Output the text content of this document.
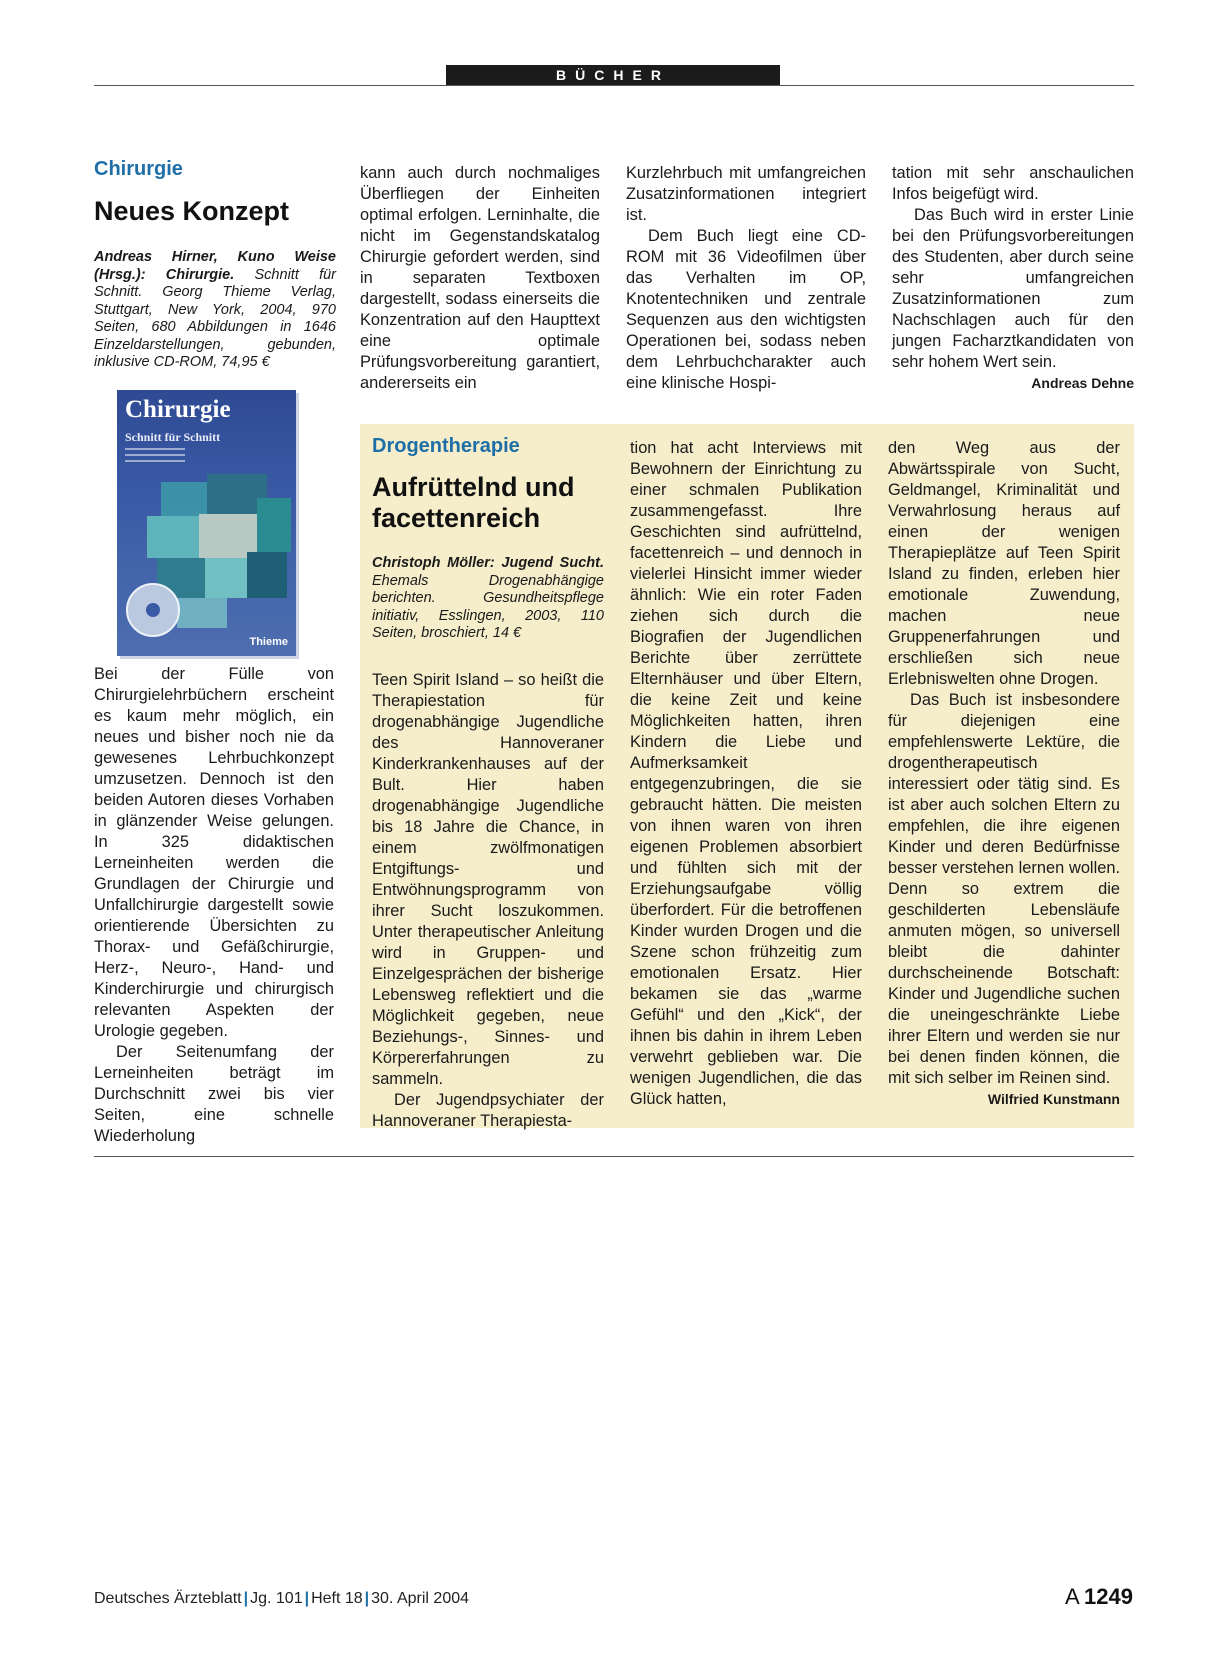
BÜCHER
Chirurgie
Neues Konzept
Andreas Hirner, Kuno Weise (Hrsg.): Chirurgie. Schnitt für Schnitt. Georg Thieme Verlag, Stuttgart, New York, 2004, 970 Seiten, 680 Abbildungen in 1646 Einzeldarstellungen, gebunden, inklusive CD-ROM, 74,95 €
Chirurgie
Schnitt für Schnitt
Thieme

Bei der Fülle von Chirurgielehrbüchern erscheint es kaum mehr möglich, ein neues und bisher noch nie da gewesenes Lehrbuchkonzept umzusetzen. Dennoch ist den beiden Autoren dieses Vorhaben in glänzender Weise gelungen. In 325 didaktischen Lerneinheiten werden die Grundlagen der Chirurgie und Unfallchirurgie dargestellt sowie orientierende Übersichten zu Thorax- und Gefäßchirurgie, Herz-, Neuro-, Hand- und Kinderchirurgie und chirurgisch relevanten Aspekten der Urologie gegeben.

Der Seitenumfang der Lerneinheiten beträgt im Durchschnitt zwei bis vier Seiten, eine schnelle Wiederholung

kann auch durch nochmaliges Überfliegen der Einheiten optimal erfolgen. Lerninhalte, die nicht im Gegenstandskatalog Chirurgie gefordert werden, sind in separaten Textboxen dargestellt, sodass einerseits die Konzentration auf den Haupttext eine optimale Prüfungsvorbereitung garantiert, andererseits ein

Kurzlehrbuch mit umfangreichen Zusatzinformationen integriert ist.

Dem Buch liegt eine CD-ROM mit 36 Videofilmen über das Verhalten im OP, Knotentechniken und zentrale Sequenzen aus den wichtigsten Operationen bei, sodass neben dem Lehrbuchcharakter auch eine klinische Hospi-

tation mit sehr anschaulichen Infos beigefügt wird.

Das Buch wird in erster Linie bei den Prüfungsvorbereitungen des Studenten, aber durch seine sehr umfangreichen Zusatzinformationen zum Nachschlagen auch für den jungen Facharztkandidaten von sehr hohem Wert sein.
Andreas Dehne

Drogentherapie
Aufrüttelnd und facettenreich
Christoph Möller: Jugend Sucht. Ehemals Drogenabhängige berichten. Gesundheitspflege initiativ, Esslingen, 2003, 110 Seiten, broschiert, 14 €

Teen Spirit Island – so heißt die Therapiestation für drogenabhängige Jugendliche des Hannoveraner Kinderkrankenhauses auf der Bult. Hier haben drogenabhängige Jugendliche bis 18 Jahre die Chance, in einem zwölfmonatigen Entgiftungs- und Entwöhnungsprogramm von ihrer Sucht loszukommen. Unter therapeutischer Anleitung wird in Gruppen- und Einzelgesprächen der bisherige Lebensweg reflektiert und die Möglichkeit gegeben, neue Beziehungs-, Sinnes- und Körpererfahrungen zu sammeln.

Der Jugendpsychiater der Hannoveraner Therapiesta-

tion hat acht Interviews mit Bewohnern der Einrichtung zu einer schmalen Publikation zusammengefasst. Ihre Geschichten sind aufrüttelnd, facettenreich – und dennoch in vielerlei Hinsicht immer wieder ähnlich: Wie ein roter Faden ziehen sich durch die Biografien der Jugendlichen Berichte über zerrüttete Elternhäuser und über Eltern, die keine Zeit und keine Möglichkeiten hatten, ihren Kindern die Liebe und Aufmerksamkeit entgegenzubringen, die sie gebraucht hätten. Die meisten von ihnen waren von ihren eigenen Problemen absorbiert und fühlten sich mit der Erziehungsaufgabe völlig überfordert. Für die betroffenen Kinder wurden Drogen und die Szene schon frühzeitig zum emotionalen Ersatz. Hier bekamen sie das „warme Gefühl“ und den „Kick“, der ihnen bis dahin in ihrem Leben verwehrt geblieben war. Die wenigen Jugendlichen, die das Glück hatten,

den Weg aus der Abwärtsspirale von Sucht, Geldmangel, Kriminalität und Verwahrlosung heraus auf einen der wenigen Therapieplätze auf Teen Spirit Island zu finden, erleben hier emotionale Zuwendung, machen neue Gruppenerfahrungen und erschließen sich neue Erlebniswelten ohne Drogen.

Das Buch ist insbesondere für diejenigen eine empfehlenswerte Lektüre, die drogentherapeutisch interessiert oder tätig sind. Es ist aber auch solchen Eltern zu empfehlen, die ihre eigenen Kinder und deren Bedürfnisse besser verstehen lernen wollen. Denn so extrem die geschilderten Lebensläufe anmuten mögen, so universell bleibt die dahinter durchscheinende Botschaft: Kinder und Jugendliche suchen die uneingeschränkte Liebe ihrer Eltern und werden sie nur bei denen finden können, die mit sich selber im Reinen sind.
Wilfried Kunstmann

Deutsches Ärzteblatt | Jg. 101 | Heft 18 | 30. April 2004	A  1249
